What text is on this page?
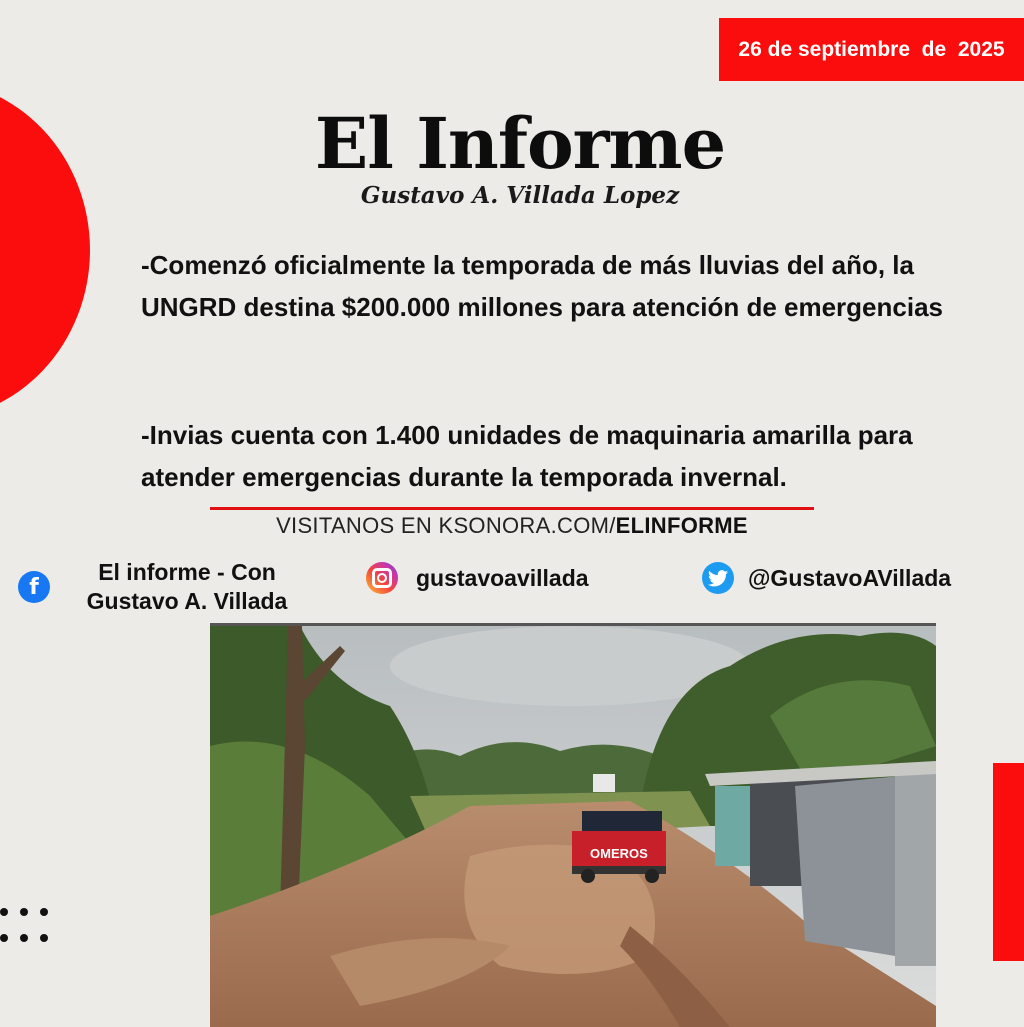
26 de septiembre  de  2025
El Informe
Gustavo A. Villada Lopez
-Comenzó oficialmente la temporada de más lluvias del año, la UNGRD destina $200.000 millones para atención de emergencias
-Invias cuenta con 1.400 unidades de maquinaria amarilla para atender emergencias durante la temporada invernal.
VISITANOS EN KSONORA.COM/ELINFORME
f
El informe - Con Gustavo A. Villada
gustavoavillada	@GustavoAVillada
OMEROS
